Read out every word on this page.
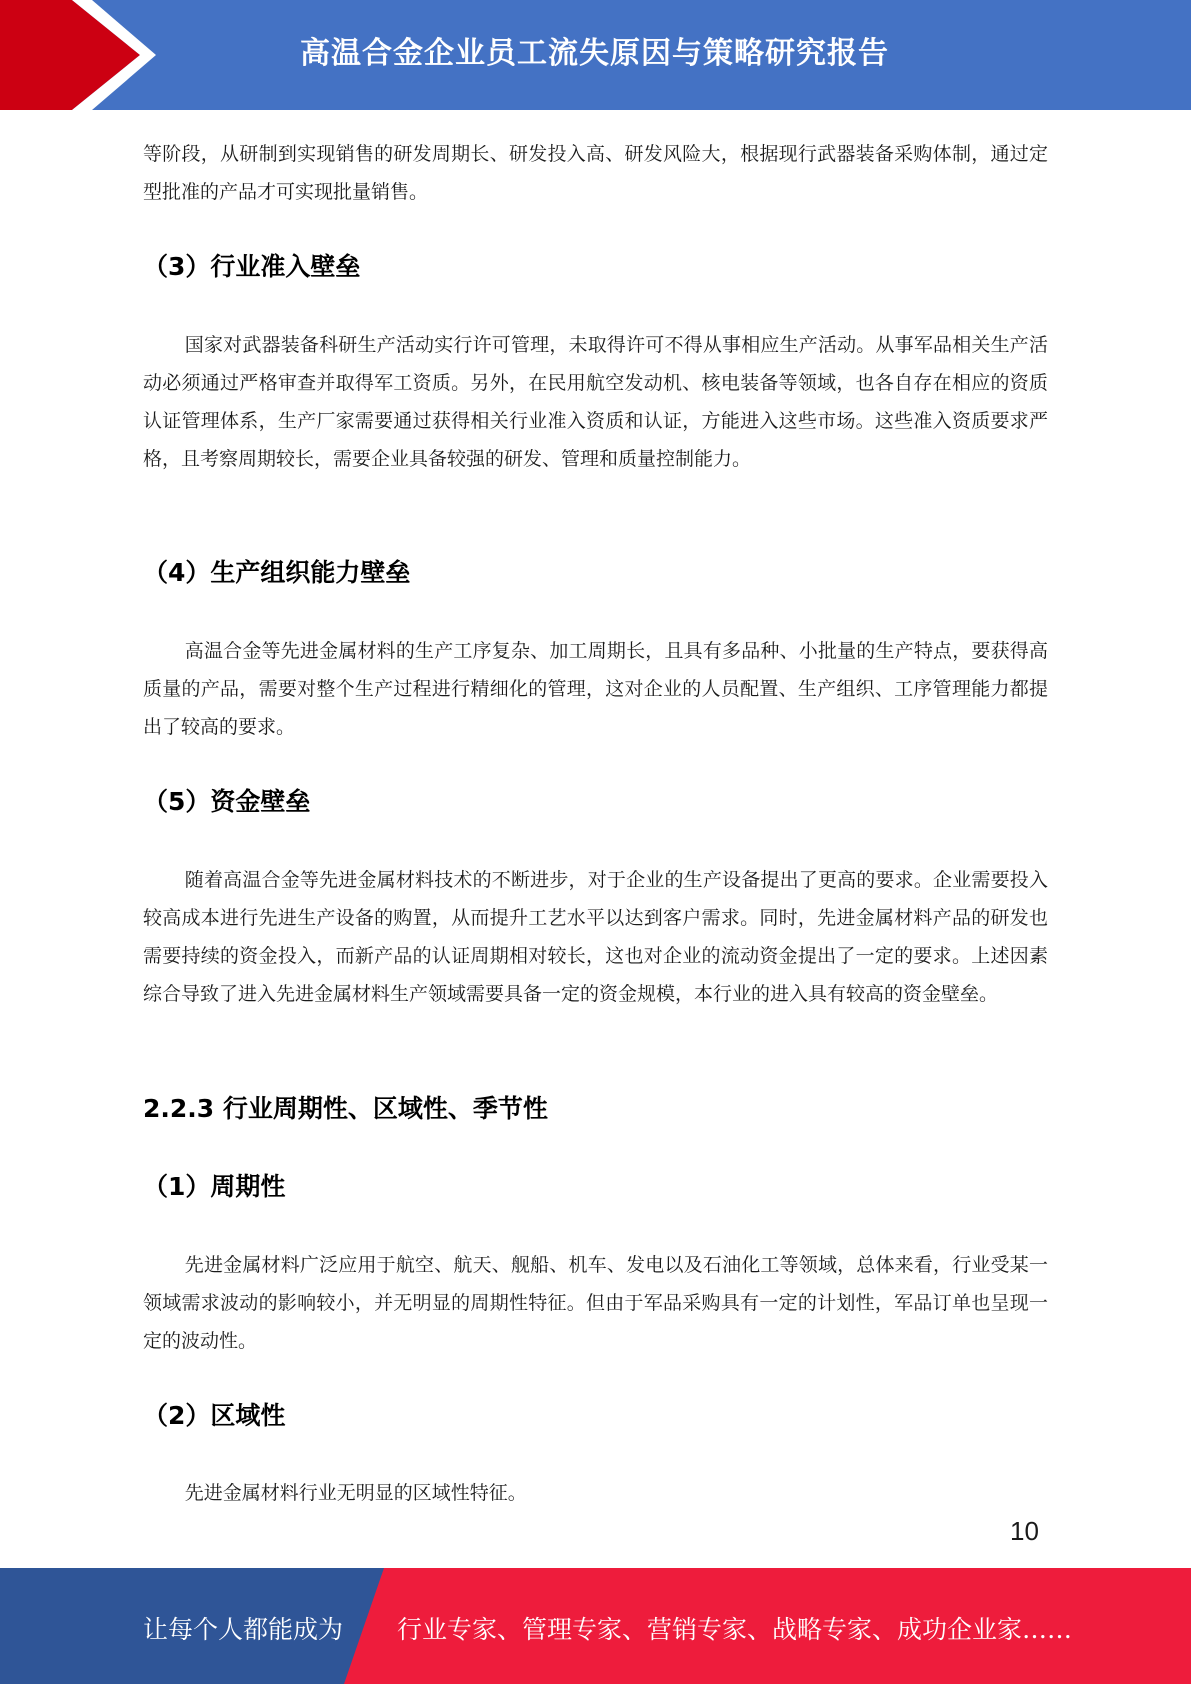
高温合金企业员工流失原因与策略研究报告

等阶段，从研制到实现销售的研发周期长、研发投入高、研发风险大，根据现行武器装备采购体制，通过定型批准的产品才可实现批量销售。

（3）行业准入壁垒

国家对武器装备科研生产活动实行许可管理，未取得许可不得从事相应生产活动。从事军品相关生产活动必须通过严格审查并取得军工资质。另外，在民用航空发动机、核电装备等领域，也各自存在相应的资质认证管理体系，生产厂家需要通过获得相关行业准入资质和认证，方能进入这些市场。这些准入资质要求严格，且考察周期较长，需要企业具备较强的研发、管理和质量控制能力。

（4）生产组织能力壁垒

高温合金等先进金属材料的生产工序复杂、加工周期长，且具有多品种、小批量的生产特点，要获得高质量的产品，需要对整个生产过程进行精细化的管理，这对企业的人员配置、生产组织、工序管理能力都提出了较高的要求。

（5）资金壁垒

随着高温合金等先进金属材料技术的不断进步，对于企业的生产设备提出了更高的要求。企业需要投入较高成本进行先进生产设备的购置，从而提升工艺水平以达到客户需求。同时，先进金属材料产品的研发也需要持续的资金投入，而新产品的认证周期相对较长，这也对企业的流动资金提出了一定的要求。上述因素综合导致了进入先进金属材料生产领域需要具备一定的资金规模，本行业的进入具有较高的资金壁垒。

2.2.3 行业周期性、区域性、季节性
（1）周期性

先进金属材料广泛应用于航空、航天、舰船、机车、发电以及石油化工等领域，总体来看，行业受某一领域需求波动的影响较小，并无明显的周期性特征。但由于军品采购具有一定的计划性，军品订单也呈现一定的波动性。

（2）区域性

先进金属材料行业无明显的区域性特征。

10
让每个人都能成为 行业专家、管理专家、营销专家、战略专家、成功企业家……
